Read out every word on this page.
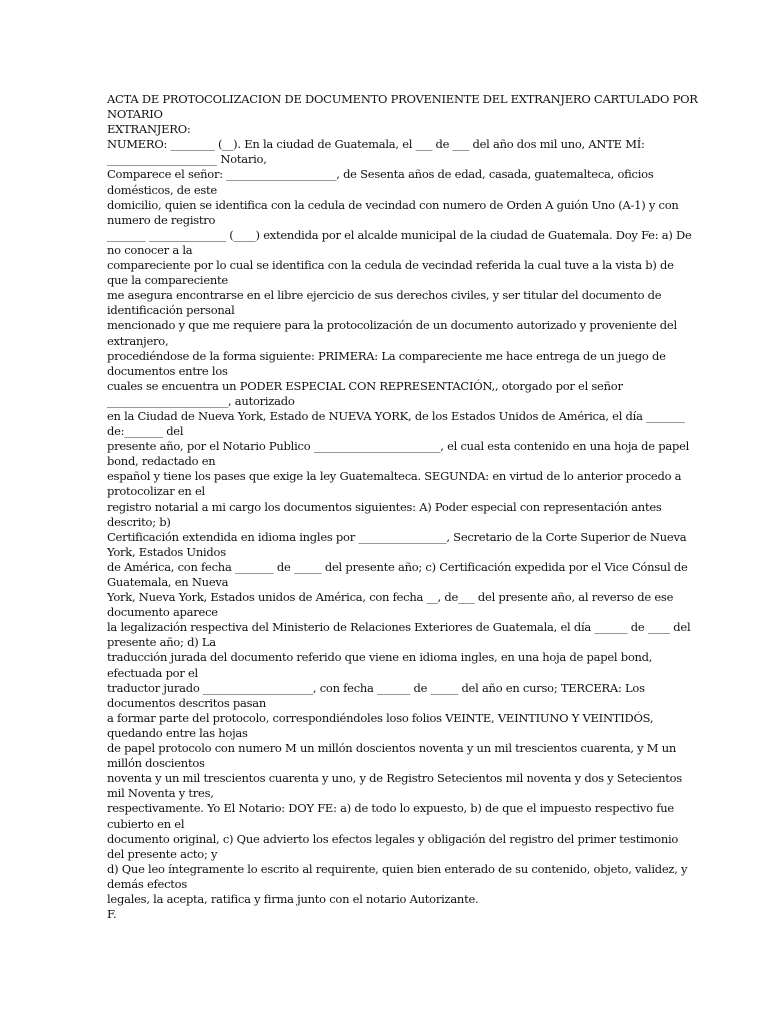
ACTA DE PROTOCOLIZACION DE DOCUMENTO PROVENIENTE DEL EXTRANJERO CARTULADO POR
NOTARIO
EXTRANJERO:
NUMERO: ________ (__). En la ciudad de Guatemala, el ___ de ___ del año dos mil uno, ANTE MÍ:
____________________ Notario,
Comparece el señor: ____________________, de Sesenta años de edad, casada, guatemalteca, oficios
domésticos, de este
domicilio, quien se identifica con la cedula de vecindad con numero de Orden A guión Uno (A-1) y con
numero de registro
_______ ______________ (____) extendida por el alcalde municipal de la ciudad de Guatemala. Doy Fe: a) De
no conocer a la
compareciente por lo cual se identifica con la cedula de vecindad referida la cual tuve a la vista b) de
que la compareciente
me asegura encontrarse en el libre ejercicio de sus derechos civiles, y ser titular del documento de
identificación personal
mencionado y que me requiere para la protocolización de un documento autorizado y proveniente del
extranjero,
procediéndose de la forma siguiente: PRIMERA: La compareciente me hace entrega de un juego de
documentos entre los
cuales se encuentra un PODER ESPECIAL CON REPRESENTACIÓN,, otorgado por el señor
______________________, autorizado
en la Ciudad de Nueva York, Estado de NUEVA YORK, de los Estados Unidos de América, el día _______
de:_______ del
presente año, por el Notario Publico _______________________, el cual esta contenido en una hoja de papel
bond, redactado en
español y tiene los pases que exige la ley Guatemalteca. SEGUNDA: en virtud de lo anterior procedo a
protocolizar en el
registro notarial a mi cargo los documentos siguientes: A) Poder especial con representación antes
descrito; b)
Certificación extendida en idioma ingles por ________________, Secretario de la Corte Superior de Nueva
York, Estados Unidos
de América, con fecha _______ de _____ del presente año; c) Certificación expedida por el Vice Cónsul de
Guatemala, en Nueva
York, Nueva York, Estados unidos de América, con fecha __, de___ del presente año, al reverso de ese
documento aparece
la legalización respectiva del Ministerio de Relaciones Exteriores de Guatemala, el día ______ de ____ del
presente año; d) La
traducción jurada del documento referido que viene en idioma ingles, en una hoja de papel bond,
efectuada por el
traductor jurado ____________________, con fecha ______ de _____ del año en curso; TERCERA: Los
documentos descritos pasan
a formar parte del protocolo, correspondiéndoles loso folios VEINTE, VEINTIUNO Y VEINTIDÓS,
quedando entre las hojas
de papel protocolo con numero M un millón doscientos noventa y un mil trescientos cuarenta, y M un
millón doscientos
noventa y un mil trescientos cuarenta y uno, y de Registro Setecientos mil noventa y dos y Setecientos
mil Noventa y tres,
respectivamente. Yo El Notario: DOY FE: a) de todo lo expuesto, b) de que el impuesto respectivo fue
cubierto en el
documento original, c) Que advierto los efectos legales y obligación del registro del primer testimonio
del presente acto; y
d) Que leo íntegramente lo escrito al requirente, quien bien enterado de su contenido, objeto, validez, y
demás efectos
legales, la acepta, ratifica y firma junto con el notario Autorizante.
F.
